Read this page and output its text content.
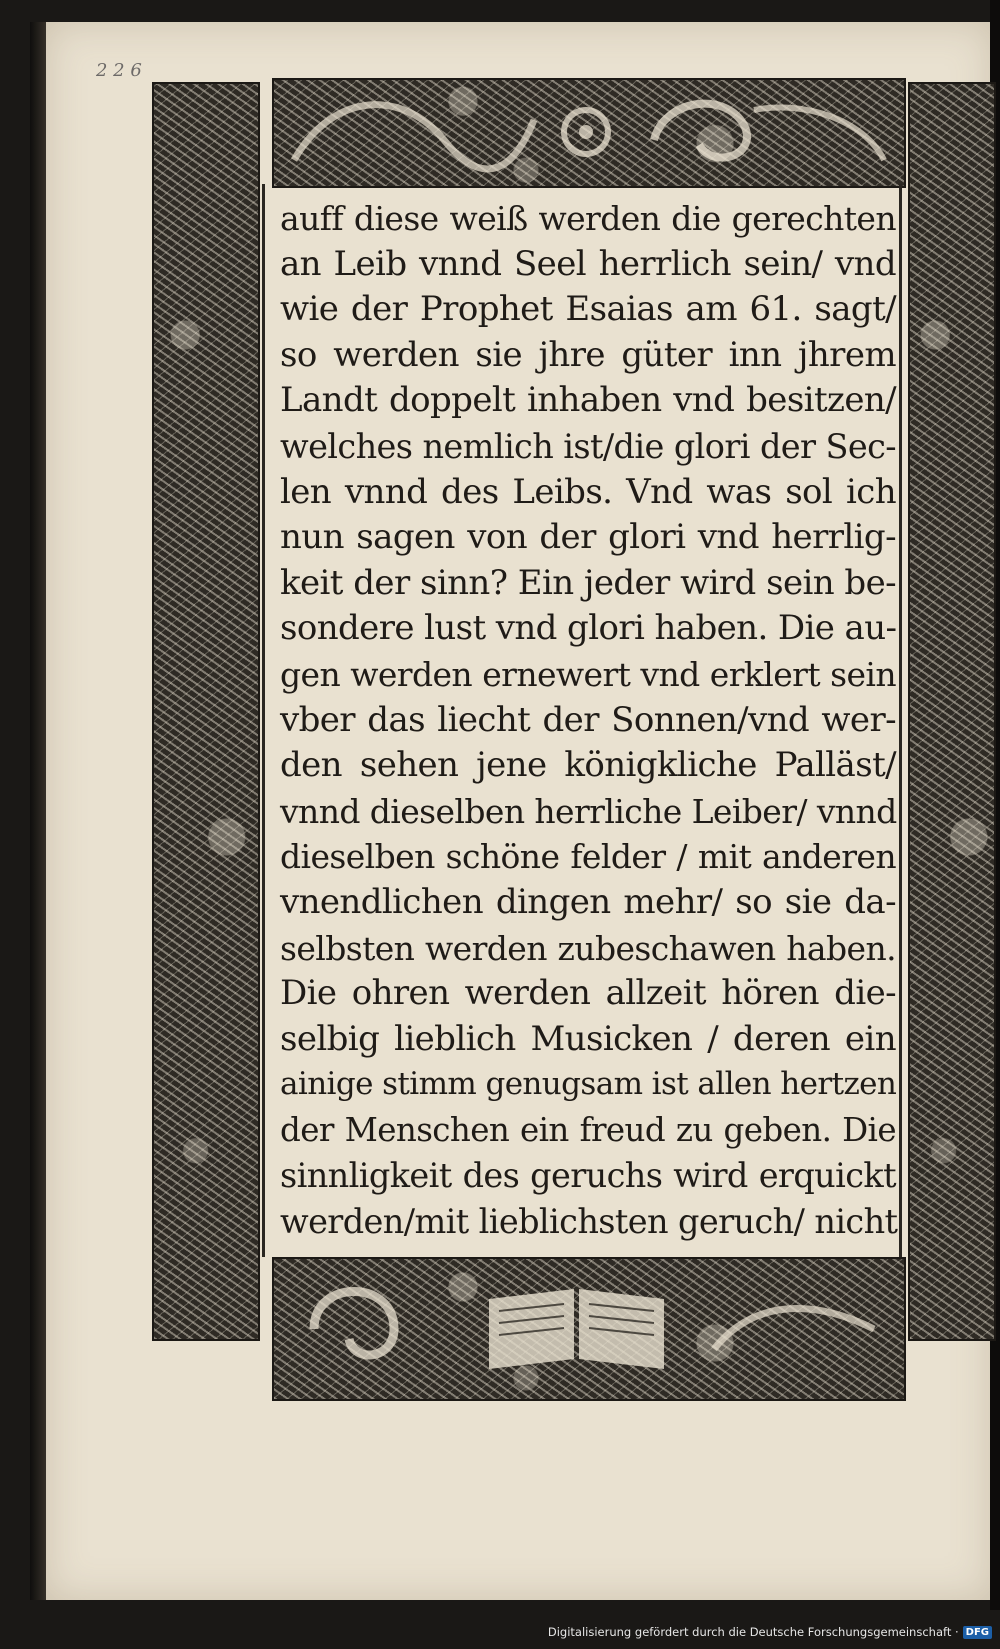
2 2 6
auff diese weiß werden die gerechten
an Leib vnnd Seel herrlich sein/ vnd
wie der Prophet Esaias am 61. sagt/
so werden sie jhre güter inn jhrem
Landt doppelt inhaben vnd besitzen/
welches nemlich ist/die glori der Sec-
len vnnd des Leibs. Vnd was sol ich
nun sagen von der glori vnd herrlig-
keit der sinn? Ein jeder wird sein be-
sondere lust vnd glori haben. Die au-
gen werden ernewert vnd erklert sein
vber das liecht der Sonnen/vnd wer-
den sehen jene königkliche Palläst/
vnnd dieselben herrliche Leiber/ vnnd
dieselben schöne felder / mit anderen
vnendlichen dingen mehr/ so sie da-
selbsten werden zubeschawen haben.
Die ohren werden allzeit hören die-
selbig lieblich Musicken / deren ein
ainige stimm genugsam ist allen hertzen
der Menschen ein freud zu geben. Die
sinnligkeit des geruchs wird erquickt
werden/mit lieblichsten geruch/ nicht
Digitalisierung gefördert durch die Deutsche Forschungsgemeinschaft · DFG
